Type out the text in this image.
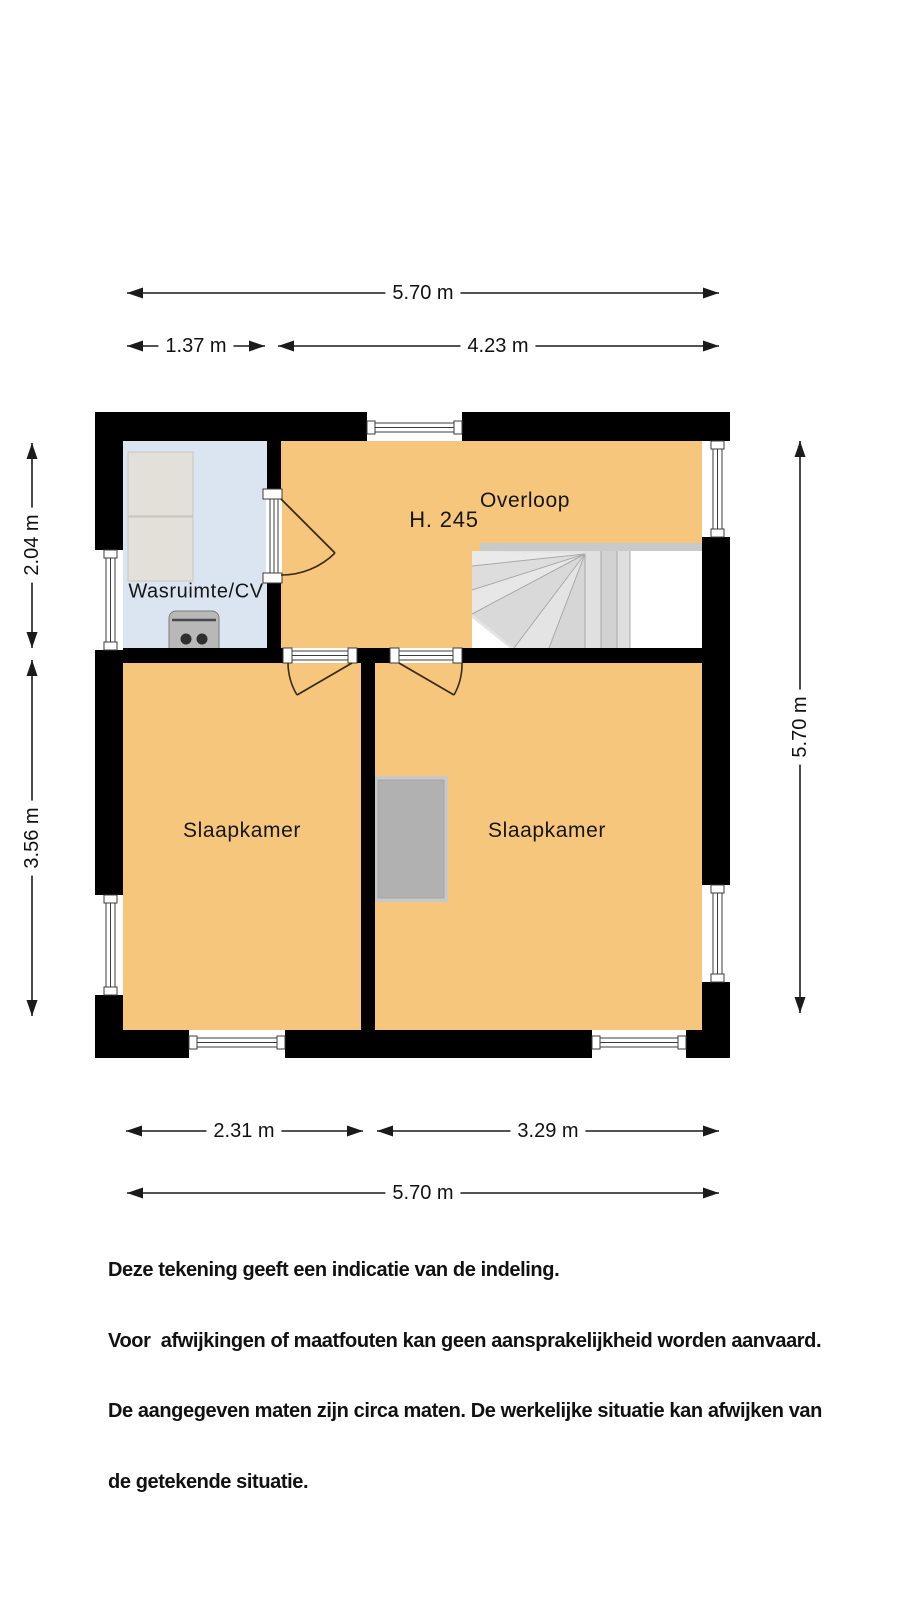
5.70 m
1.37 m	4.23 m
2.04 m
3.56 m
5.70 m
2.31 m	3.29 m
5.70 m
Wasruimte/CV
Overloop
H. 245
Slaapkamer	Slaapkamer

Deze tekening geeft een indicatie van de indeling.

Voor  afwijkingen of maatfouten kan geen aansprakelijkheid worden aanvaard.

De aangegeven maten zijn circa maten. De werkelijke situatie kan afwijken van

de getekende situatie.
